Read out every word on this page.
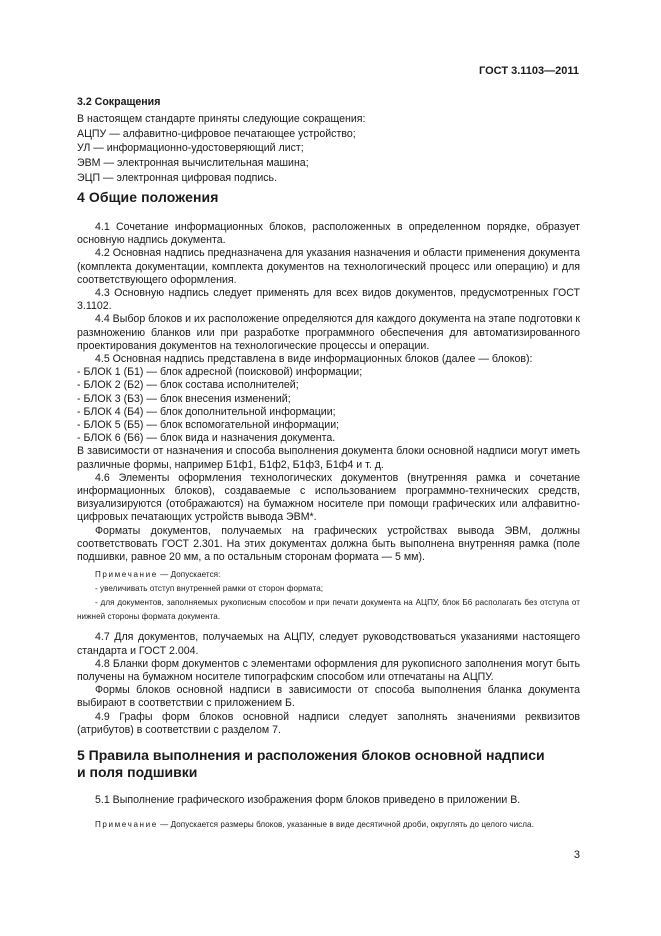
ГОСТ 3.1103—2011
3.2 Сокращения
В настоящем стандарте приняты следующие сокращения:
АЦПУ — алфавитно-цифровое печатающее устройство;
УЛ — информационно-удостоверяющий лист;
ЭВМ — электронная вычислительная машина;
ЭЦП — электронная цифровая подпись.
4 Общие положения

4.1 Сочетание информационных блоков, расположенных в определенном порядке, образует основную надпись документа.

4.2 Основная надпись предназначена для указания назначения и области применения документа (комплекта документации, комплекта документов на технологический процесс или операцию) и для соответствующего оформления.

4.3 Основную надпись следует применять для всех видов документов, предусмотренных ГОСТ 3.1102.

4.4 Выбор блоков и их расположение определяются для каждого документа на этапе подготовки к размножению бланков или при разработке программного обеспечения для автоматизированного проектирования документов на технологические процессы и операции.

4.5 Основная надпись представлена в виде информационных блоков (далее — блоков):

- БЛОК 1 (Б1) — блок адресной (поисковой) информации;
- БЛОК 2 (Б2) — блок состава исполнителей;
- БЛОК 3 (Б3) — блок внесения изменений;
- БЛОК 4 (Б4) — блок дополнительной информации;
- БЛОК 5 (Б5) — блок вспомогательной информации;
- БЛОК 6 (Б6) — блок вида и назначения документа.

В зависимости от назначения и способа выполнения документа блоки основной надписи могут иметь различные формы, например Б1ф1, Б1ф2, Б1ф3, Б1ф4 и т. д.

4.6 Элементы оформления технологических документов (внутренняя рамка и сочетание информационных блоков), создаваемые с использованием программно-технических средств, визуализируются (отображаются) на бумажном носителе при помощи графических или алфавитно-цифровых печатающих устройств вывода ЭВМ*.

Форматы документов, получаемых на графических устройствах вывода ЭВМ, должны соответствовать ГОСТ 2.301. На этих документах должна быть выполнена внутренняя рамка (поле подшивки, равное 20 мм, а по остальным сторонам формата — 5 мм).

Примечание — Допускается:
- увеличивать отступ внутренней рамки от сторон формата;
- для документов, заполняемых рукописным способом и при печати документа на АЦПУ, блок Б6 располагать без отступа от нижней стороны формата документа.

4.7 Для документов, получаемых на АЦПУ, следует руководствоваться указаниями настоящего стандарта и ГОСТ 2.004.

4.8 Бланки форм документов с элементами оформления для рукописного заполнения могут быть получены на бумажном носителе типографским способом или отпечатаны на АЦПУ.

Формы блоков основной надписи в зависимости от способа выполнения бланка документа выбирают в соответствии с приложением Б.

4.9 Графы форм блоков основной надписи следует заполнять значениями реквизитов (атрибутов) в соответствии с разделом 7.

5 Правила выполнения и расположения блоков основной надписи
и поля подшивки

5.1 Выполнение графического изображения форм блоков приведено в приложении В.

Примечание — Допускается размеры блоков, указанные в виде десятичной дроби, округлять до целого числа.
3
